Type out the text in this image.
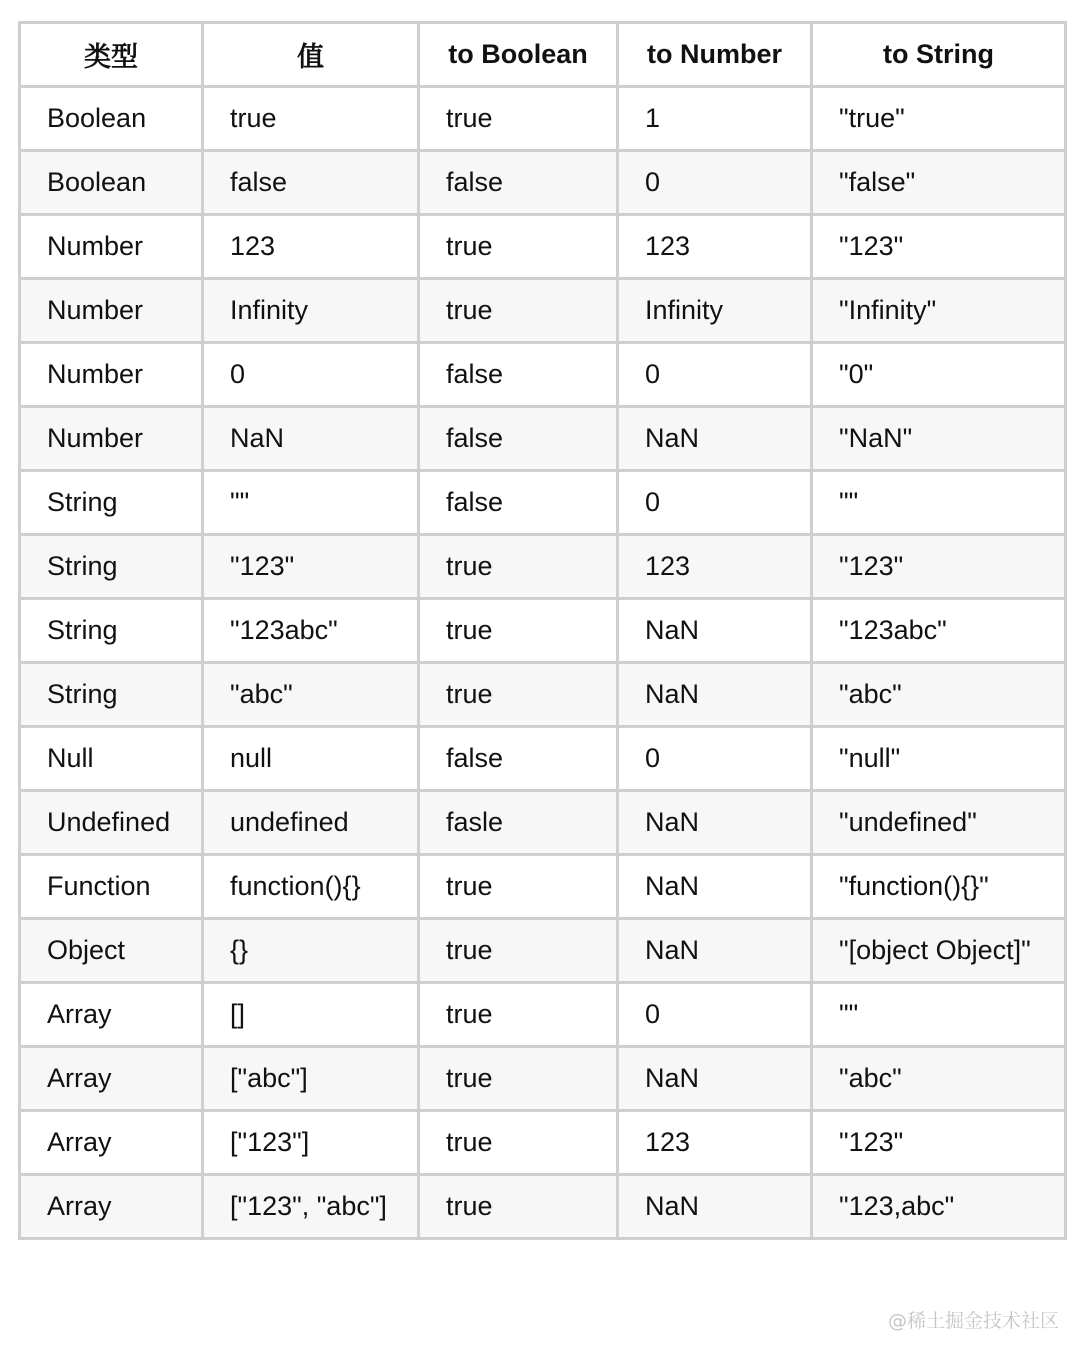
类型	值	to Boolean	to Number	to String
Boolean	true	true	1	"true"
Boolean	false	false	0	"false"
Number	123	true	123	"123"
Number	Infinity	true	Infinity	"Infinity"
Number	0	false	0	"0"
Number	NaN	false	NaN	"NaN"
String	""	false	0	""
String	"123"	true	123	"123"
String	"123abc"	true	NaN	"123abc"
String	"abc"	true	NaN	"abc"
Null	null	false	0	"null"
Undefined	undefined	fasle	NaN	"undefined"
Function	function(){}	true	NaN	"function(){}"
Object	{}	true	NaN	"[object Object]"
Array	[]	true	0	""
Array	["abc"]	true	NaN	"abc"
Array	["123"]	true	123	"123"
Array	["123", "abc"]	true	NaN	"123,abc"
@稀土掘金技术社区
